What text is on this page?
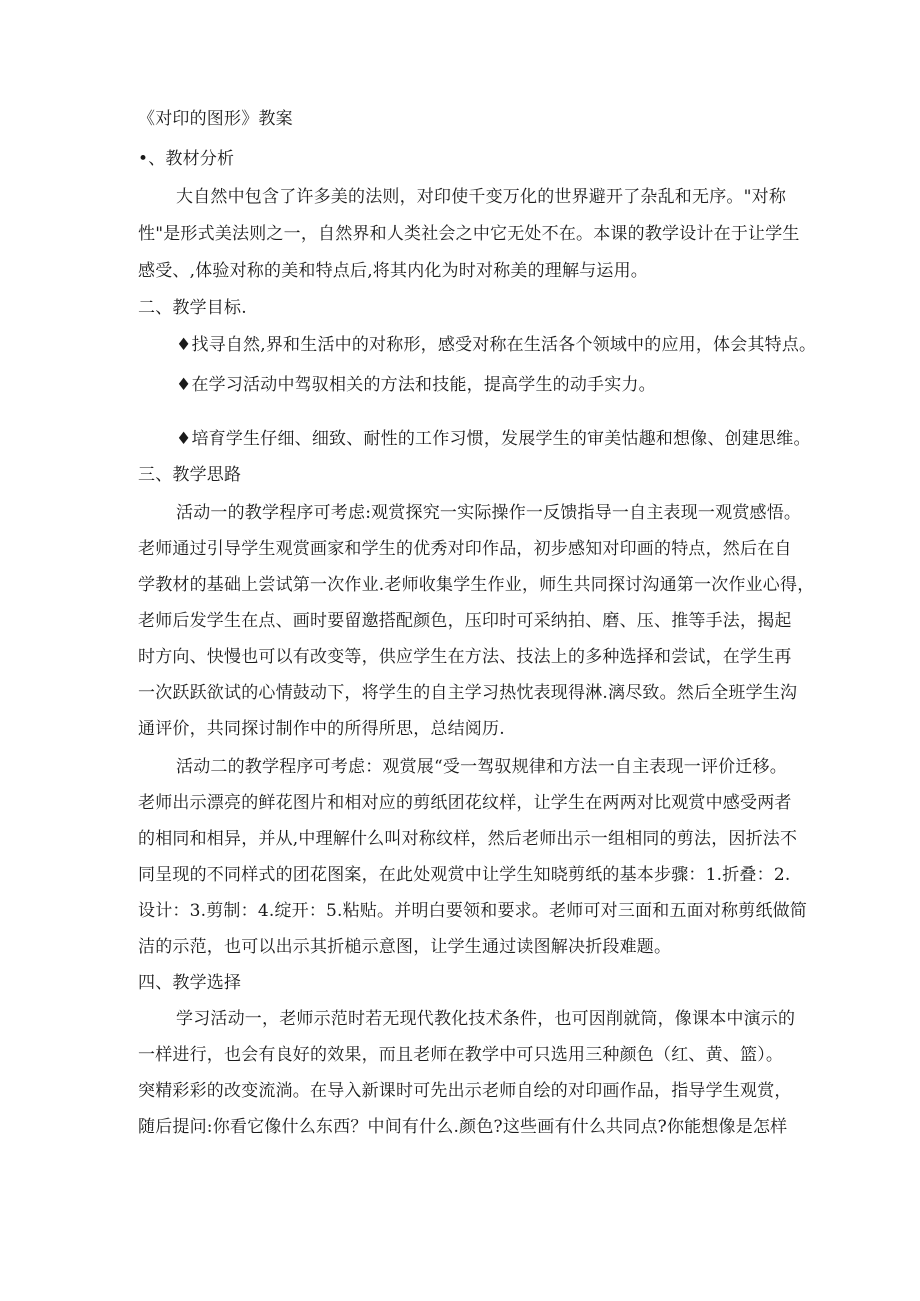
《对印的图形》教案
•、教材分析
大自然中包含了许多美的法则，对印使千变万化的世界避开了杂乱和无序。"对称
性"是形式美法则之一，自然界和人类社会之中它无处不在。本课的教学设计在于让学生
感受、,体验对称的美和特点后,将其内化为时对称美的理解与运用。
二、教学目标.
♦找寻自然,界和生活中的对称形，感受对称在生活各个领域中的应用，体会其特点。
♦在学习活动中驾驭相关的方法和技能，提高学生的动手实力。
♦培育学生仔细、细致、耐性的工作习惯，发展学生的审美怙趣和想像、创建思维。
三、教学思路
活动一的教学程序可考虑:观赏探究一实际操作一反馈指导一自主表现一观赏感悟。
老师通过引导学生观赏画家和学生的优秀对印作品，初步感知对印画的特点，然后在自
学教材的基础上尝试第一次作业.老师收集学生作业，师生共同探讨沟通第一次作业心得，
老师后发学生在点、画时要留邀搭配颜色，压印时可采纳拍、磨、压、推等手法，揭起
时方向、快慢也可以有改变等，供应学生在方法、技法上的多种选择和尝试，在学生再
一次跃跃欲试的心情鼓动下，将学生的自主学习热忱表现得淋.漓尽致。然后全班学生沟
通评价，共同探讨制作中的所得所思，总结阅历.
活动二的教学程序可考虑：观赏展“受一驾驭规律和方法一自主表现一评价迁移。
老师出示漂亮的鲜花图片和相对应的剪纸团花纹样，让学生在两两对比观赏中感受两者
的相同和相异，并从,中理解什么叫对称纹样，然后老师出示一组相同的剪法，因折法不
同呈现的不同样式的团花图案，在此处观赏中让学生知晓剪纸的基本步骤：1.折叠：2.
设计：3.剪制：4.绽开：5.粘贴。并明白要领和要求。老师可对三面和五面对称剪纸做简
洁的示范，也可以出示其折槌示意图，让学生通过读图解决折段难题。
四、教学选择
学习活动一，老师示范时若无现代教化技术条件，也可因削就筒，像课本中演示的
一样进行，也会有良好的效果，而且老师在教学中可只选用三种颜色（红、黄、篮）。
突精彩彩的改变流淌。在导入新课时可先出示老师自绘的对印画作品，指导学生观赏，
随后提问:你看它像什么东西？中间有什么.颜色?这些画有什么共同点?你能想像是怎样
